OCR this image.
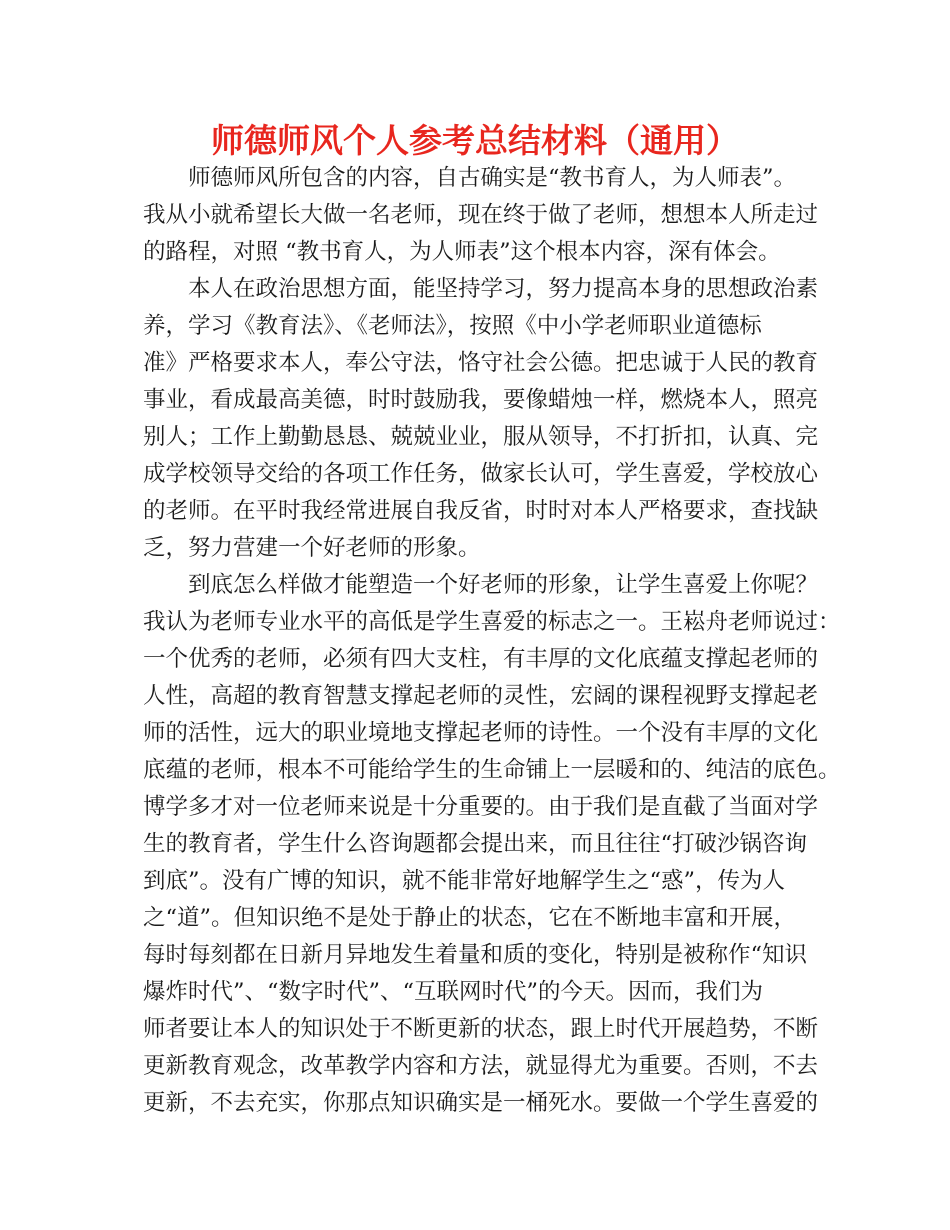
师德师风个人参考总结材料（通用）
　　师德师风所包含的内容，自古确实是“教书育人，为人师表”。
我从小就希望长大做一名老师，现在终于做了老师，想想本人所走过
的路程，对照 “教书育人，为人师表”这个根本内容，深有体会。
　　本人在政治思想方面，能坚持学习，努力提高本身的思想政治素
养，学习《教育法》、《老师法》，按照《中小学老师职业道德标
准》严格要求本人，奉公守法，恪守社会公德。把忠诚于人民的教育
事业，看成最高美德，时时鼓励我，要像蜡烛一样，燃烧本人，照亮
别人；工作上勤勤恳恳、兢兢业业，服从领导，不打折扣，认真、完
成学校领导交给的各项工作任务，做家长认可，学生喜爱，学校放心
的老师。在平时我经常进展自我反省，时时对本人严格要求，查找缺
乏，努力营建一个好老师的形象。
　　到底怎么样做才能塑造一个好老师的形象，让学生喜爱上你呢？
我认为老师专业水平的高低是学生喜爱的标志之一。王崧舟老师说过：
一个优秀的老师，必须有四大支柱，有丰厚的文化底蕴支撑起老师的
人性，高超的教育智慧支撑起老师的灵性，宏阔的课程视野支撑起老
师的活性，远大的职业境地支撑起老师的诗性。一个没有丰厚的文化
底蕴的老师，根本不可能给学生的生命铺上一层暖和的、纯洁的底色。
博学多才对一位老师来说是十分重要的。由于我们是直截了当面对学
生的教育者，学生什么咨询题都会提出来，而且往往“打破沙锅咨询
到底”。没有广博的知识，就不能非常好地解学生之“惑”，传为人
之“道”。但知识绝不是处于静止的状态，它在不断地丰富和开展，
每时每刻都在日新月异地发生着量和质的变化，特别是被称作“知识
爆炸时代”、“数字时代”、“互联网时代”的今天。因而，我们为
师者要让本人的知识处于不断更新的状态，跟上时代开展趋势，不断
更新教育观念，改革教学内容和方法，就显得尤为重要。否则，不去
更新，不去充实，你那点知识确实是一桶死水。要做一个学生喜爱的
